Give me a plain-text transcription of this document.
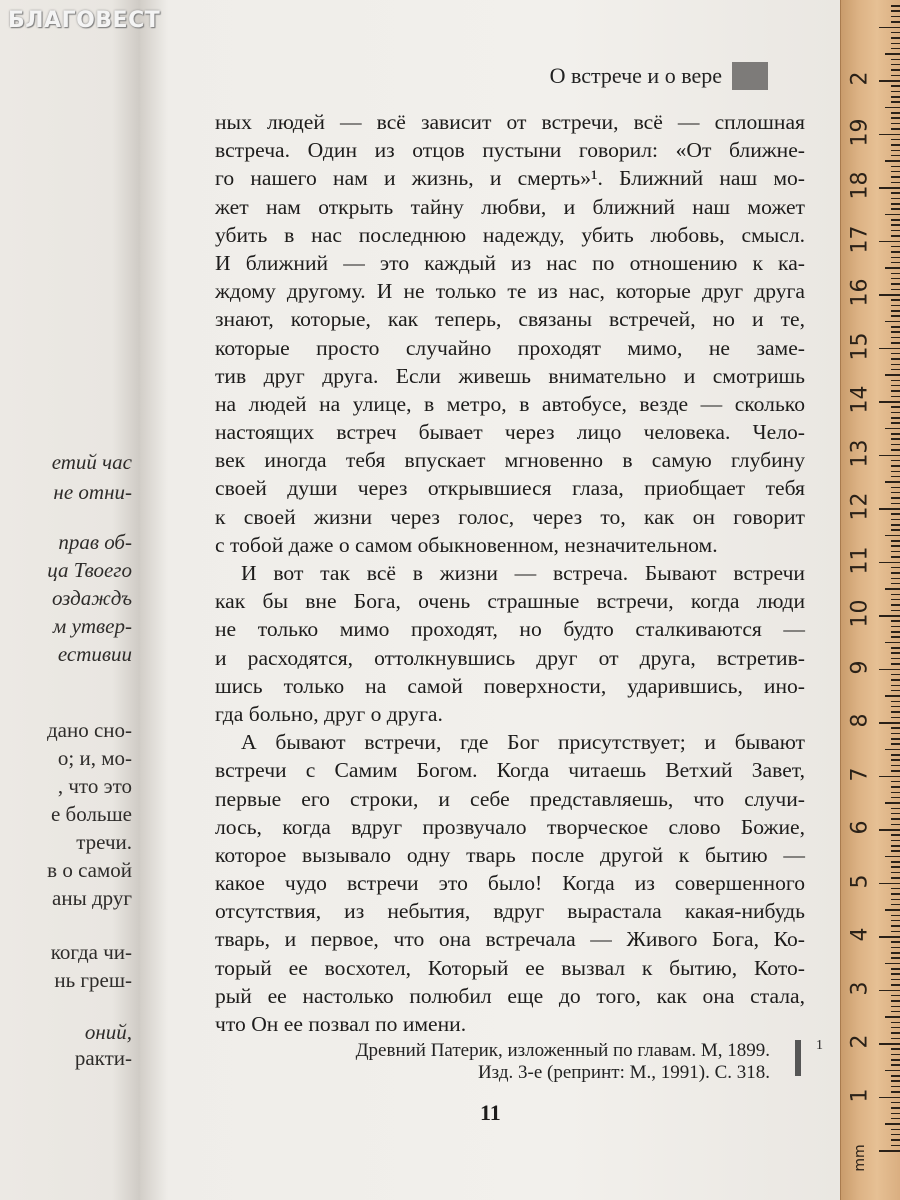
етий час
не отни-
прав об-
ца Твоего
оздаждъ
м утвер-
естивии
дано сно-
о; и, мо-
, что это
е больше
тречи.
в о самой
аны друг
когда чи-
нь греш-
оний,
ракти-
БЛАГОВЕСТ
О встрече и о вере
ных людей — всё зависит от встречи, всё — сплошная
встреча. Один из отцов пустыни говорил: «От ближне-
го нашего нам и жизнь, и смерть»¹. Ближний наш мо-
жет нам открыть тайну любви, и ближний наш может
убить в нас последнюю надежду, убить любовь, смысл.
И ближний — это каждый из нас по отношению к ка-
ждому другому. И не только те из нас, которые друг друга
знают, которые, как теперь, связаны встречей, но и те,
которые просто случайно проходят мимо, не заме-
тив друг друга. Если живешь внимательно и смотришь
на людей на улице, в метро, в автобусе, везде — сколько
настоящих встреч бывает через лицо человека. Чело-
век иногда тебя впускает мгновенно в самую глубину
своей души через открывшиеся глаза, приобщает тебя
к своей жизни через голос, через то, как он говорит
с тобой даже о самом обыкновенном, незначительном.
И вот так всё в жизни — встреча. Бывают встречи
как бы вне Бога, очень страшные встречи, когда люди
не только мимо проходят, но будто сталкиваются —
и расходятся, оттолкнувшись друг от друга, встретив-
шись только на самой поверхности, ударившись, ино-
гда больно, друг о друга.
А бывают встречи, где Бог присутствует; и бывают
встречи с Самим Богом. Когда читаешь Ветхий Завет,
первые его строки, и себе представляешь, что случи-
лось, когда вдруг прозвучало творческое слово Божие,
которое вызывало одну тварь после другой к бытию —
какое чудо встречи это было! Когда из совершенного
отсутствия, из небытия, вдруг вырастала какая-нибудь
тварь, и первое, что она встречала — Живого Бога, Ко-
торый ее восхотел, Который ее вызвал к бытию, Кото-
рый ее настолько полюбил еще до того, как она стала,
что Он ее позвал по имени.
Древний Патерик, изложенный по главам. М, 1899.
Изд. 3-е (репринт: М., 1991). С. 318.
1
11
1
2
3
4
5
6
7
8
9
10
11
12
13
14
15
16
17
18
19
2
mm
